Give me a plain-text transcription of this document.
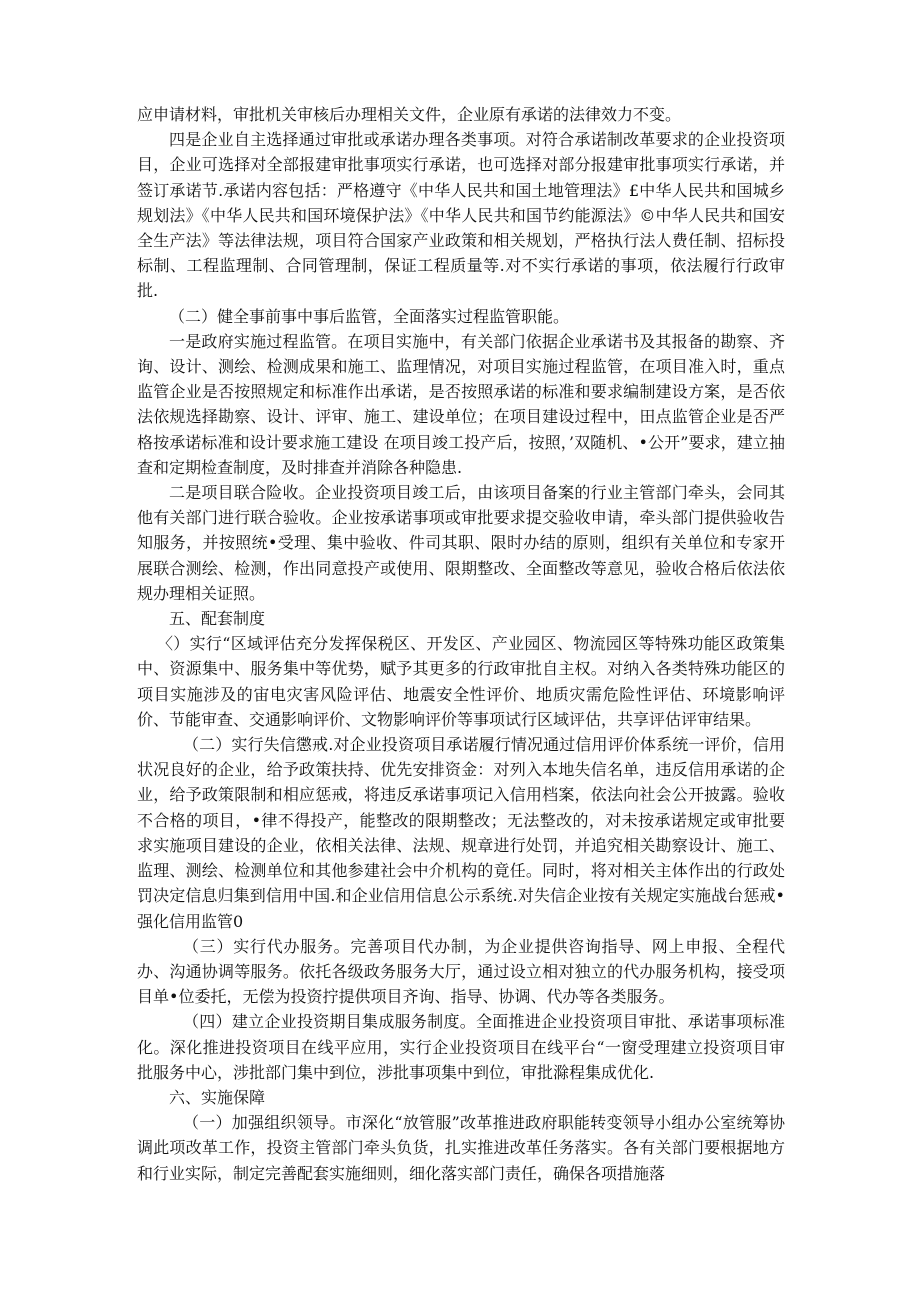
应申请材料，审批机关审核后办理相关文件，企业原有承诺的法律效力不变。

四是企业自主选择通过审批或承诺办理各类事项。对符合承诺制改革要求的企业投资项目，企业可选择对全部报建审批事项实行承诺，也可选择对部分报建审批事项实行承诺，并签订承诺节.承诺内容包括：严格遵守《中华人民共和国土地管理法》£中华人民共和国城乡规划法》《中华人民共和国环境保护法》《中华人民共和国节约能源法》©中华人民共和国安全生产法》等法律法规，项目符合国家产业政策和相关规划，严格执行法人费任制、招标投标制、工程监理制、合同管理制，保证工程质量等.对不实行承诺的事项，依法履行行政审批.

（二）健全事前事中事后监管，全面落实过程监管职能。

一是政府实施过程监管。在项目实施中，有关部门依据企业承诺书及其报备的勘察、齐询、设计、测绘、检测成果和施工、监理情况，对项目实施过程监管，在项目准入时，重点监管企业是否按照规定和标准作出承诺，是否按照承诺的标准和要求编制建设方案，是否依法依规选择勘察、设计、评审、施工、建设单位；在项目建设过程中，田点监管企业是否严格按承诺标准和设计要求施工建设 在项目竣工投产后，按照，’双随机、•公开”要求，建立抽查和定期检查制度，及时排查并消除各种隐患.

二是项目联合险收。企业投资项目竣工后，由该项目备案的行业主管部门牵头，会同其他有关部门进行联合验收。企业按承诺事项或审批要求提交验收申请，牵头部门提供验收告知服务，并按照统•受理、集中验收、件司其职、限时办结的原则，组织有关单位和专家开展联合测绘、检测，作出同意投产或使用、限期整改、全面整改等意见，验收合格后依法依规办理相关证照。

五、配套制度

〈）实行“区域评估充分发挥保税区、开发区、产业园区、物流园区等特殊功能区政策集中、资源集中、服务集中等优势，赋予其更多的行政审批自主权。对纳入各类特殊功能区的项目实施涉及的宙电灾害风险评估、地震安全性评价、地质灾需危险性评估、环境影响评价、节能审查、交通影响评价、文物影响评价等事项试行区域评估，共享评估评审结果。

（二）实行失信懲戒.对企业投资项目承诺履行情况通过信用评价体系统一评价，信用状况良好的企业，给予政策扶持、优先安排资金：对列入本地失信名单，违反信用承诺的企业，给予政策限制和相应惩戒，将违反承诺事项记入信用档案，依法向社会公开披露。验收不合格的项目，•律不得投产，能整改的限期整改；无法整改的，对未按承诺规定或审批要求实施项目建设的企业，依相关法律、法规、规章进行处罚，并追究相关勘察设计、施工、监理、测绘、检测单位和其他参建社会中介机构的竟任。同时，将对相关主体作出的行政处罚决定信息归集到信用中国.和企业信用信息公示系统.对失信企业按有关规定实施战台惩戒•强化信用监管0

（三）实行代办服务。完善项目代办制，为企业提供咨询指导、网上申报、全程代办、沟通协调等服务。依托各级政务服务大厅，通过设立相对独立的代办服务机构，接受项目单•位委托，无偿为投资拧提供项目齐询、指导、协调、代办等各类服务。

（四）建立企业投资期目集成服务制度。全面推进企业投资项目审批、承诺事项标准化。深化推进投资项目在线平应用，实行企业投资项目在线平台“一窗受理建立投资项目审批服务中心，涉批部门集中到位，涉批事项集中到位，审批滁程集成优化.

六、实施保障

（一）加强组织领导。市深化“放管服”改革推进政府职能转变领导小组办公室统筹协调此项改革工作，投资主管部门牵头负货，扎实推进改革任务落实。各有关部门要根据地方和行业实际，制定完善配套实施细则，细化落实部门责任，确保各项措施落
